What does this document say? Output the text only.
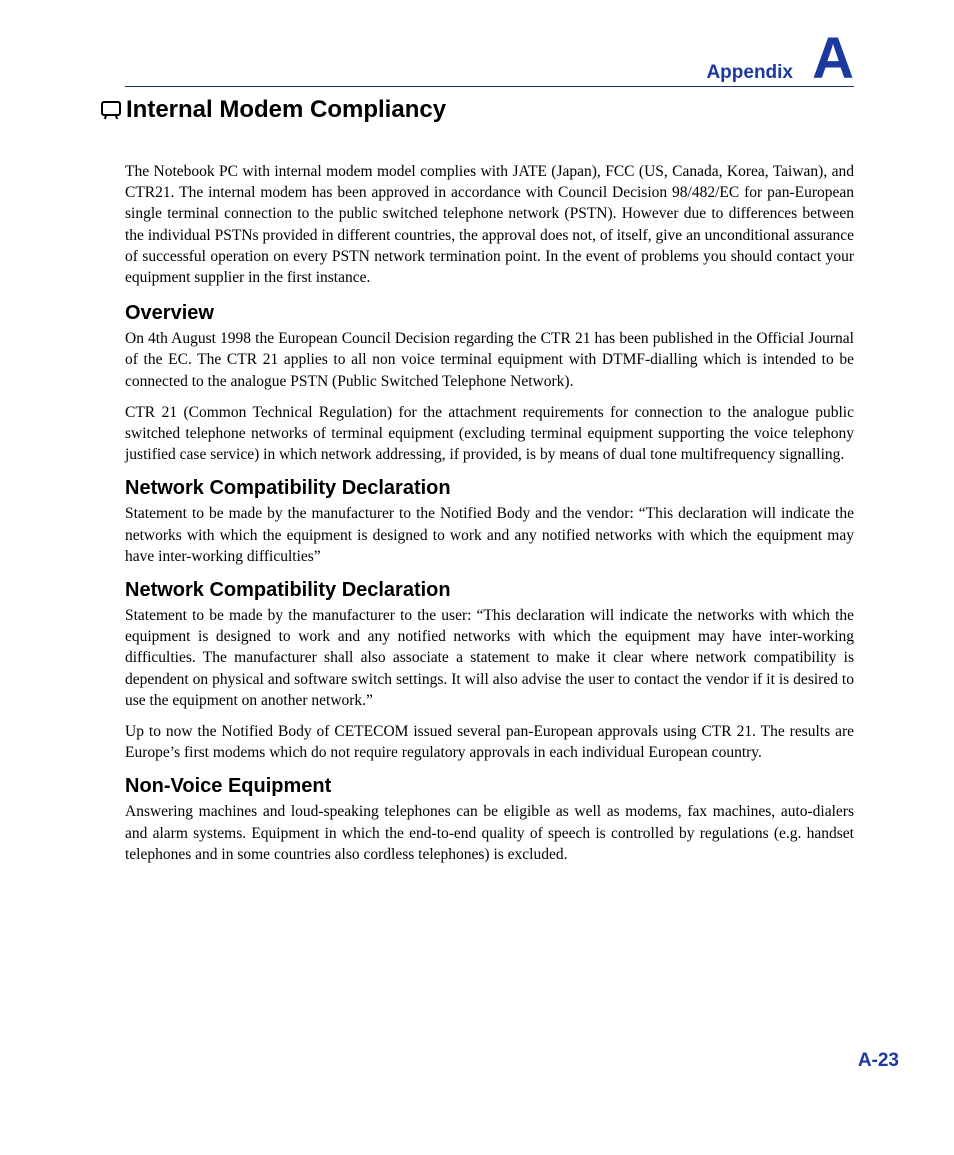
Appendix A
Internal Modem Compliancy

The Notebook PC with internal modem model complies with JATE (Japan), FCC (US, Canada, Korea, Taiwan), and CTR21. The internal modem has been approved in accordance with Council Decision 98/482/EC for pan-European single terminal connection to the public switched telephone network (PSTN). However due to differences between the individual PSTNs provided in different countries, the approval does not, of itself, give an unconditional assurance of successful operation on every PSTN network termination point. In the event of problems you should contact your equipment supplier in the first instance.

Overview

On 4th August 1998 the European Council Decision regarding the CTR 21 has been published in the Official Journal of the EC. The CTR 21 applies to all non voice terminal equipment with DTMF-dialling which is intended to be connected to the analogue PSTN (Public Switched Telephone Network).

CTR 21 (Common Technical Regulation) for the attachment requirements for connection to the analogue public switched telephone networks of terminal equipment (excluding terminal equipment supporting the voice telephony justified case service) in which network addressing, if provided, is by means of dual tone multifrequency signalling.

Network Compatibility Declaration

Statement to be made by the manufacturer to the Notified Body and the vendor: “This declaration will indicate the networks with which the equipment is designed to work and any notified networks with which the equipment may have inter-working difficulties”

Network Compatibility Declaration

Statement to be made by the manufacturer to the user: “This declaration will indicate the networks with which the equipment is designed to work and any notified networks with which the equipment may have inter-working difficulties. The manufacturer shall also associate a statement to make it clear where network compatibility is dependent on physical and software switch settings. It will also advise the user to contact the vendor if it is desired to use the equipment on another network.”

Up to now the Notified Body of CETECOM issued several pan-European approvals using CTR 21. The results are Europe’s first modems which do not require regulatory approvals in each individual European country.

Non-Voice Equipment

Answering machines and loud-speaking telephones can be eligible as well as modems, fax machines, auto-dialers and alarm systems. Equipment in which the end-to-end quality of speech is controlled by regulations (e.g. handset telephones and in some countries also cordless telephones) is excluded.

A-23
